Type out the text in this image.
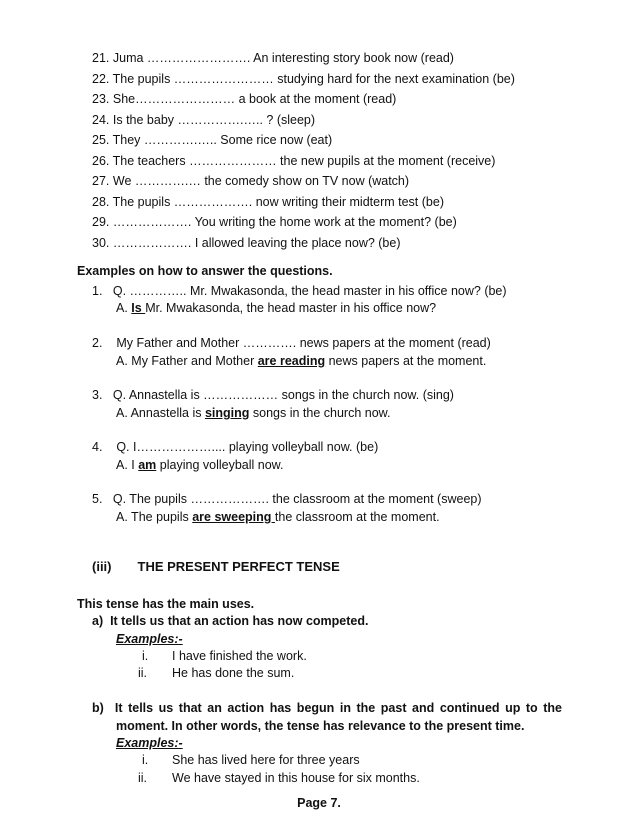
21. Juma ……………………. An interesting story book now (read)
22. The pupils …………………… studying hard for the next examination (be)
23. She…………………… a book at the moment (read)
24. Is the baby …………….….. ? (sleep)
25. They ………….….. Some rice now (eat)
26. The teachers ………………… the new pupils at the moment (receive)
27. We ………….… the comedy show on TV now (watch)
28. The pupils ………………. now writing their midterm test (be)
29. ………………. You writing the home work at the moment? (be)
30. ………………. I allowed leaving the place now? (be)
Examples on how to answer the questions.
1. Q. ………….. Mr. Mwakasonda, the head master in his office now? (be)
A. Is Mr. Mwakasonda, the head master in his office now?
2.    My Father and Mother …………. news papers at the moment (read)
A. My Father and Mother are reading news papers at the moment.
3. Q. Annastella is ……………… songs in the church now. (sing)
A. Annastella is singing songs in the church now.
4.    Q. I……………….... playing volleyball now. (be)
A. I am playing volleyball now.
5. Q. The pupils ………………. the classroom at the moment (sweep)
A. The pupils are sweeping the classroom at the moment.
(iii) THE PRESENT PERFECT TENSE
This tense has the main uses.
a) It tells us that an action has now competed.
Examples:-
i. I have finished the work.
ii. He has done the sum.
b) It tells us that an action has begun in the past and continued up to the
moment. In other words, the tense has relevance to the present time.
Examples:-
i. She has lived here for three years
ii. We have stayed in this house for six months.
Page 7.
